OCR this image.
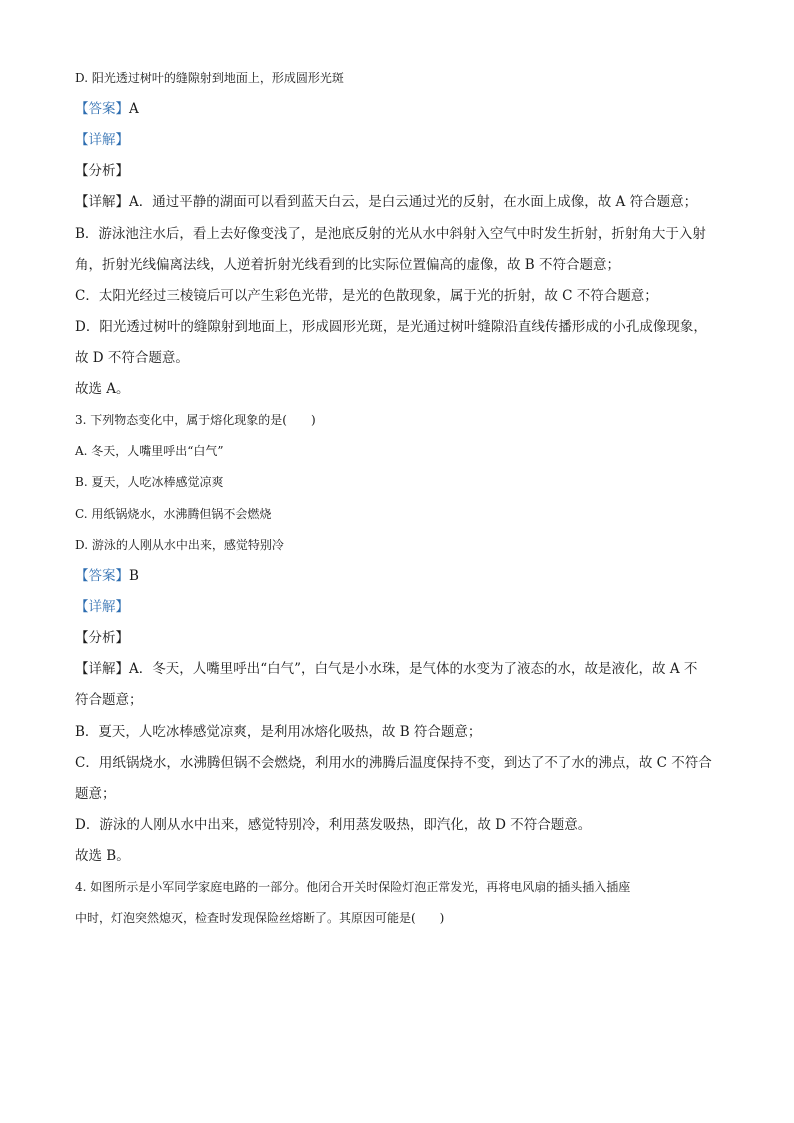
D. 阳光透过树叶的缝隙射到地面上，形成圆形光斑
【答案】A
【详解】
【分析】
【详解】A．通过平静的湖面可以看到蓝天白云，是白云通过光的反射，在水面上成像，故 A 符合题意；
B．游泳池注水后，看上去好像变浅了，是池底反射的光从水中斜射入空气中时发生折射，折射角大于入射
角，折射光线偏离法线，人逆着折射光线看到的比实际位置偏高的虚像，故 B 不符合题意；
C．太阳光经过三棱镜后可以产生彩色光带，是光的色散现象，属于光的折射，故 C 不符合题意；
D．阳光透过树叶的缝隙射到地面上，形成圆形光斑，是光通过树叶缝隙沿直线传播形成的小孔成像现象，
故 D 不符合题意。
故选 A。
3. 下列物态变化中，属于熔化现象的是(　　)
A. 冬天，人嘴里呼出“白气”
B. 夏天，人吃冰棒感觉凉爽
C. 用纸锅烧水，水沸腾但锅不会燃烧
D. 游泳的人刚从水中出来，感觉特别冷
【答案】B
【详解】
【分析】
【详解】A．冬天，人嘴里呼出“白气”，白气是小水珠，是气体的水变为了液态的水，故是液化，故 A 不
符合题意；
B．夏天，人吃冰棒感觉凉爽，是利用冰熔化吸热，故 B 符合题意；
C．用纸锅烧水，水沸腾但锅不会燃烧，利用水的沸腾后温度保持不变，到达了不了水的沸点，故 C 不符合
题意；
D．游泳的人刚从水中出来，感觉特别冷，利用蒸发吸热，即汽化，故 D 不符合题意。
故选 B。
4. 如图所示是小军同学家庭电路的一部分。他闭合开关时保险灯泡正常发光，再将电风扇的插头插入插座
中时，灯泡突然熄灭，检查时发现保险丝熔断了。其原因可能是(　　)
